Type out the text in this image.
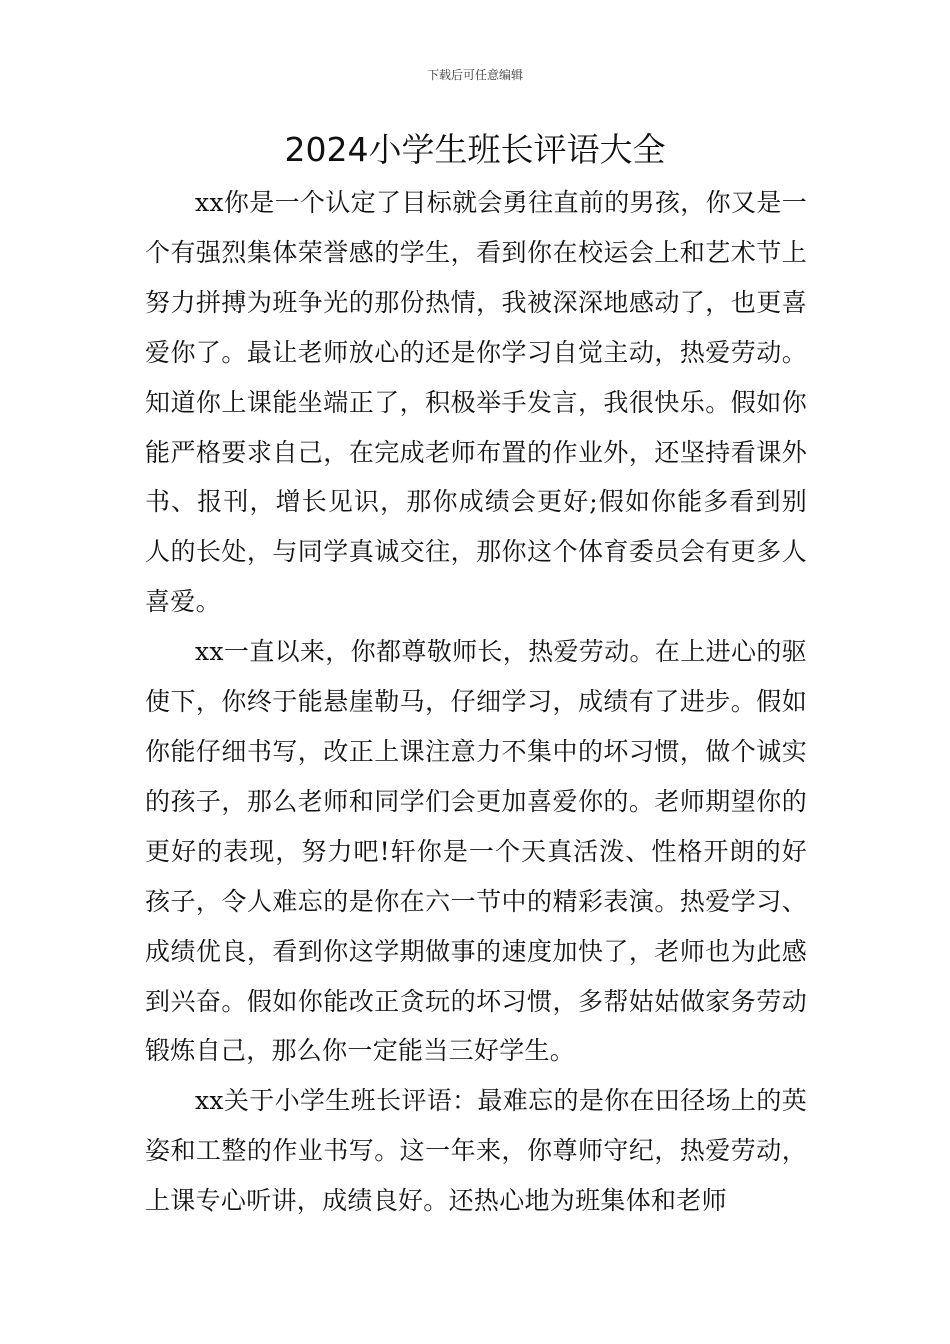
下载后可任意编辑
2024小学生班长评语大全

xx你是一个认定了目标就会勇往直前的男孩，你又是一个有强烈集体荣誉感的学生，看到你在校运会上和艺术节上努力拼搏为班争光的那份热情，我被深深地感动了，也更喜爱你了。最让老师放心的还是你学习自觉主动，热爱劳动。知道你上课能坐端正了，积极举手发言，我很快乐。假如你能严格要求自己，在完成老师布置的作业外，还坚持看课外书、报刊，增长见识，那你成绩会更好;假如你能多看到别人的长处，与同学真诚交往，那你这个体育委员会有更多人喜爱。

xx一直以来，你都尊敬师长，热爱劳动。在上进心的驱使下，你终于能悬崖勒马，仔细学习，成绩有了进步。假如你能仔细书写，改正上课注意力不集中的坏习惯，做个诚实的孩子，那么老师和同学们会更加喜爱你的。老师期望你的更好的表现，努力吧!轩你是一个天真活泼、性格开朗的好孩子，令人难忘的是你在六一节中的精彩表演。热爱学习、成绩优良，看到你这学期做事的速度加快了，老师也为此感到兴奋。假如你能改正贪玩的坏习惯，多帮姑姑做家务劳动锻炼自己，那么你一定能当三好学生。

xx关于小学生班长评语：最难忘的是你在田径场上的英姿和工整的作业书写。这一年来，你尊师守纪，热爱劳动，上课专心听讲，成绩良好。还热心地为班集体和老师
